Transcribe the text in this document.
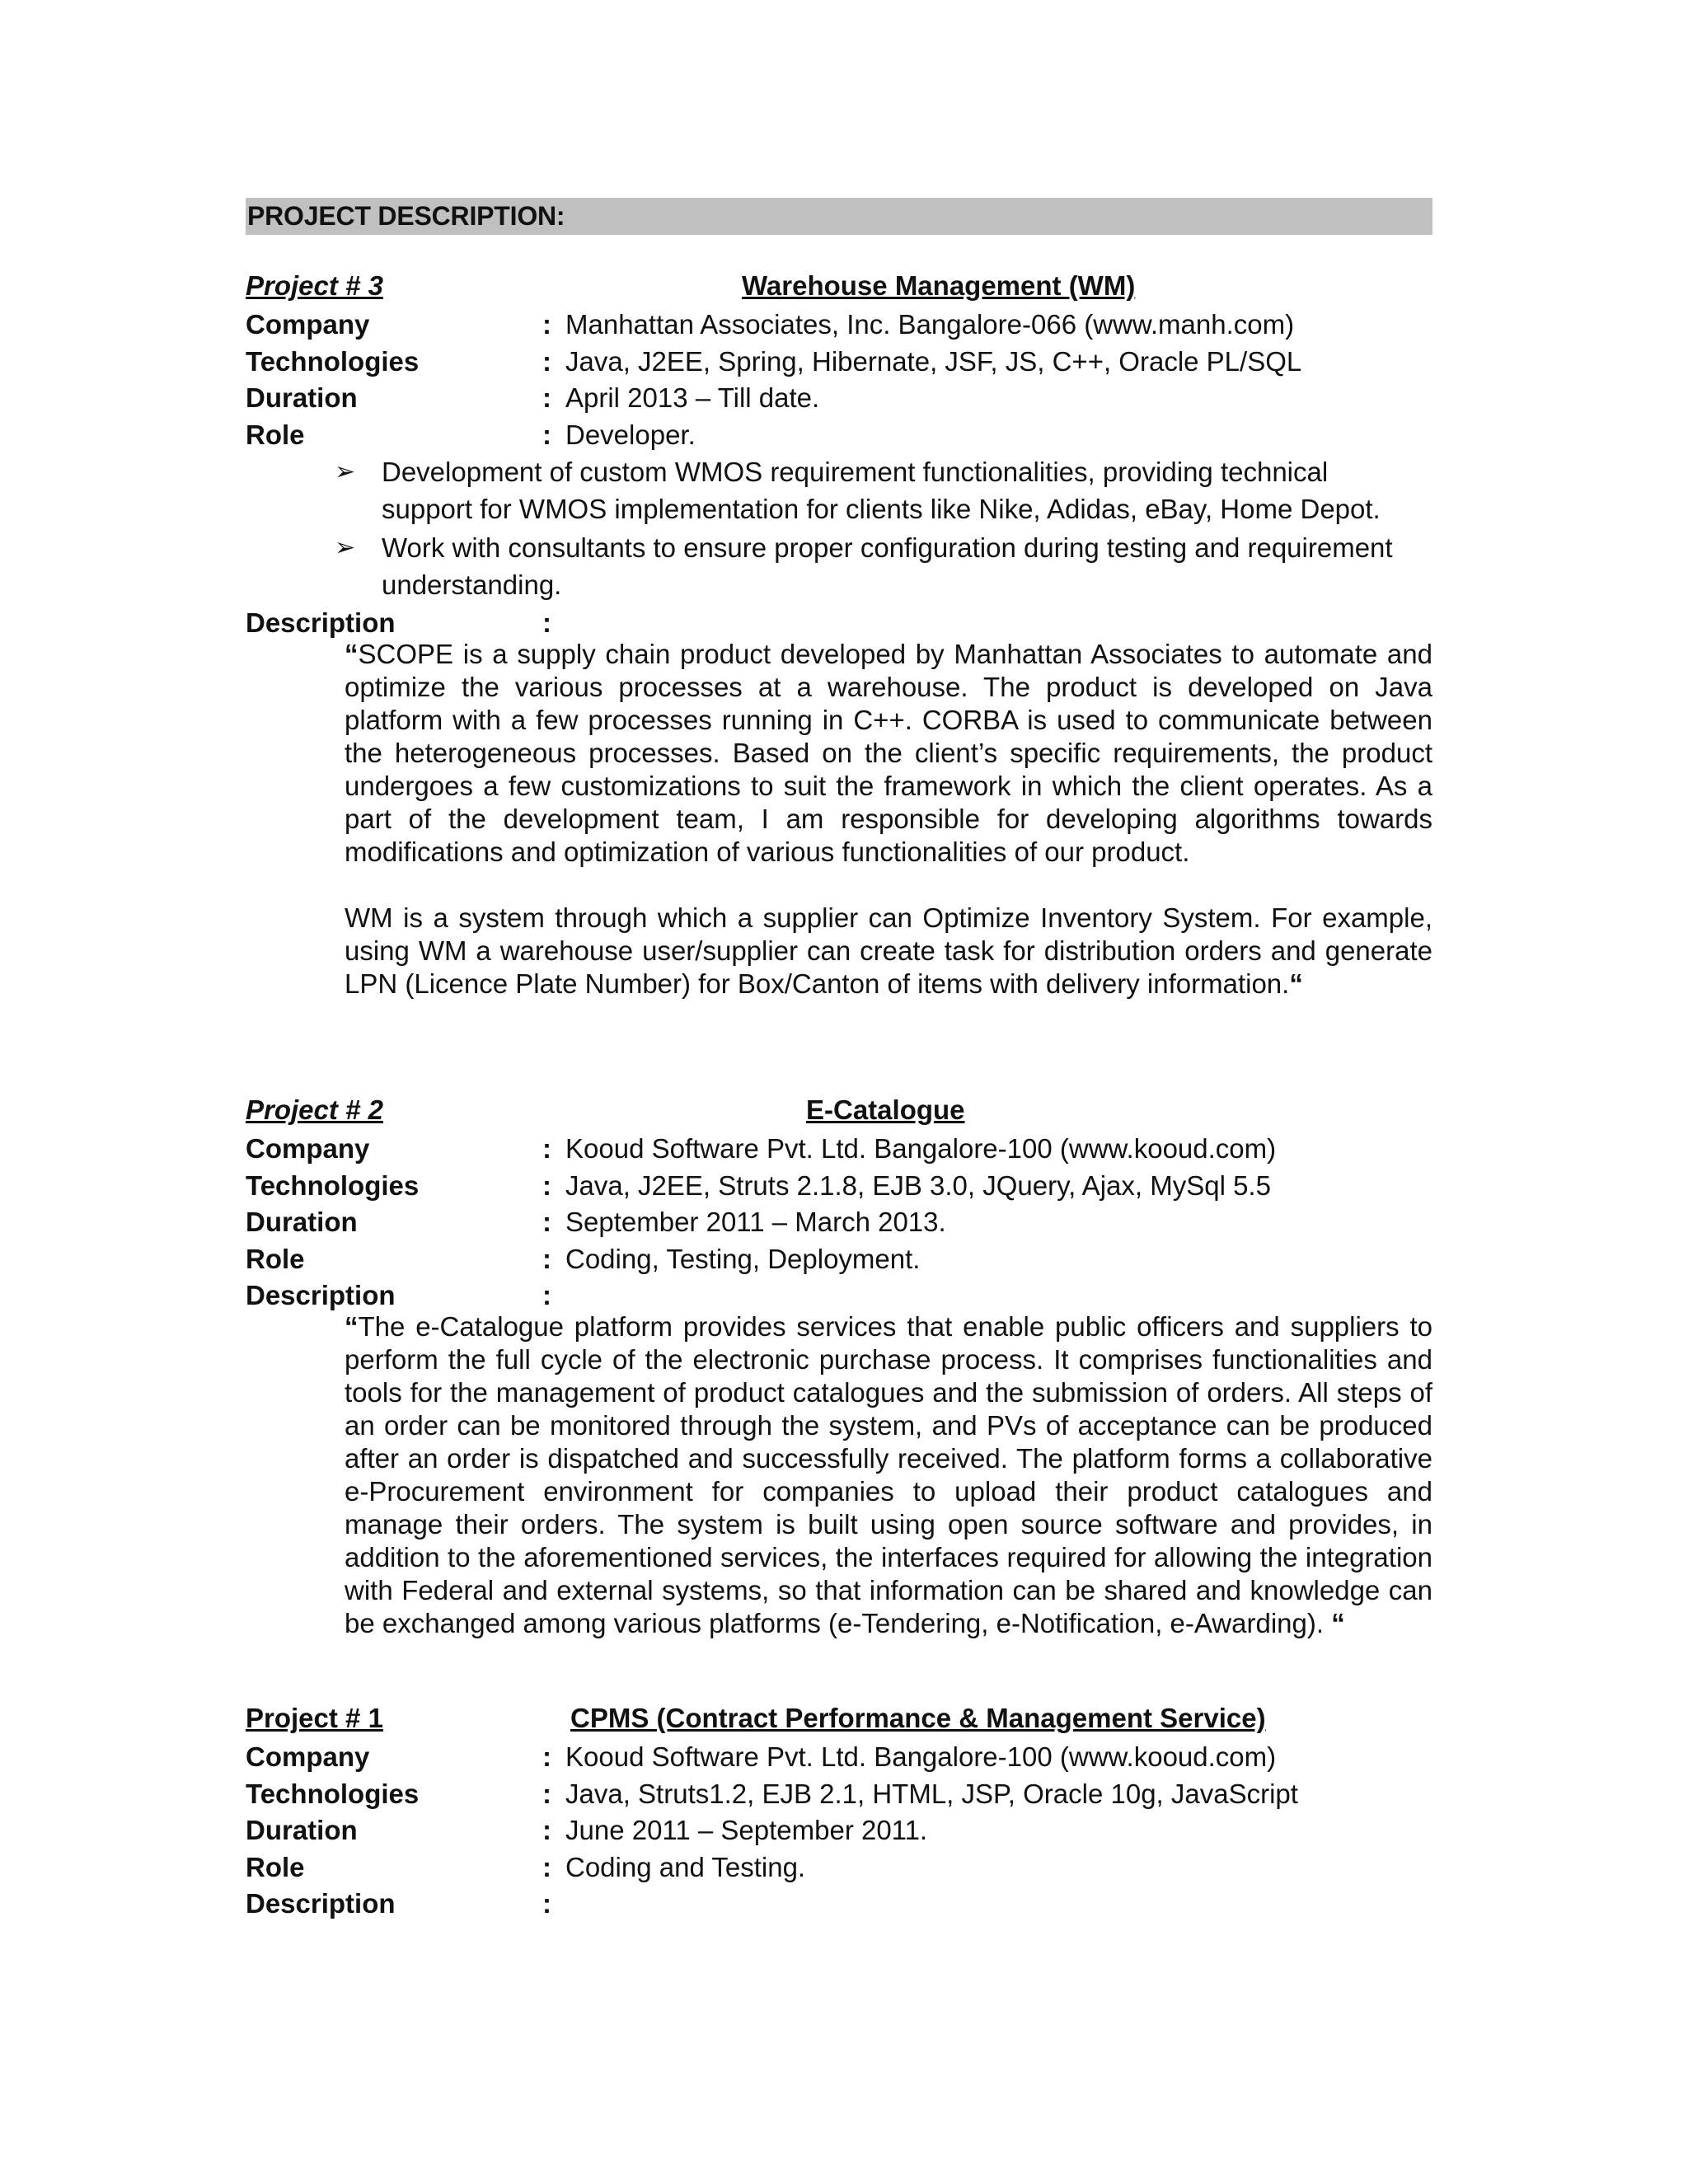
PROJECT DESCRIPTION:
Project # 3	Warehouse Management (WM)
Company	: Manhattan Associates, Inc. Bangalore-066 (www.manh.com)
Technologies	: Java, J2EE, Spring, Hibernate, JSF, JS, C++, Oracle PL/SQL
Duration	: April 2013 – Till date.
Role	: Developer.
➢ Development of custom WMOS requirement functionalities, providing technical support for WMOS implementation for clients like Nike, Adidas, eBay, Home Depot.
➢ Work with consultants to ensure proper configuration during testing and requirement understanding.
Description	:

“SCOPE is a supply chain product developed by Manhattan Associates to automate and optimize the various processes at a warehouse. The product is developed on Java platform with a few processes running in C++. CORBA is used to communicate between the heterogeneous processes. Based on the client’s specific requirements, the product undergoes a few customizations to suit the framework in which the client operates. As a part of the development team, I am responsible for developing algorithms towards modifications and optimization of various functionalities of our product.

WM is a system through which a supplier can Optimize Inventory System. For example, using WM a warehouse user/supplier can create task for distribution orders and generate LPN (Licence Plate Number) for Box/Canton of items with delivery information.“

Project # 2	E-Catalogue
Company	: Kooud Software Pvt. Ltd. Bangalore-100 (www.kooud.com)
Technologies	: Java, J2EE, Struts 2.1.8, EJB 3.0, JQuery, Ajax, MySql 5.5
Duration	: September 2011 – March 2013.
Role	: Coding, Testing, Deployment.
Description	:

“The e-Catalogue platform provides services that enable public officers and suppliers to perform the full cycle of the electronic purchase process. It comprises functionalities and tools for the management of product catalogues and the submission of orders. All steps of an order can be monitored through the system, and PVs of acceptance can be produced after an order is dispatched and successfully received. The platform forms a collaborative e-Procurement environment for companies to upload their product catalogues and manage their orders. The system is built using open source software and provides, in addition to the aforementioned services, the interfaces required for allowing the integration with Federal and external systems, so that information can be shared and knowledge can be exchanged among various platforms (e-Tendering, e-Notification, e-Awarding). “

Project # 1	CPMS (Contract Performance & Management Service)
Company	: Kooud Software Pvt. Ltd. Bangalore-100 (www.kooud.com)
Technologies	: Java, Struts1.2, EJB 2.1, HTML, JSP, Oracle 10g, JavaScript
Duration	: June 2011 – September 2011.
Role	: Coding and Testing.
Description	:
